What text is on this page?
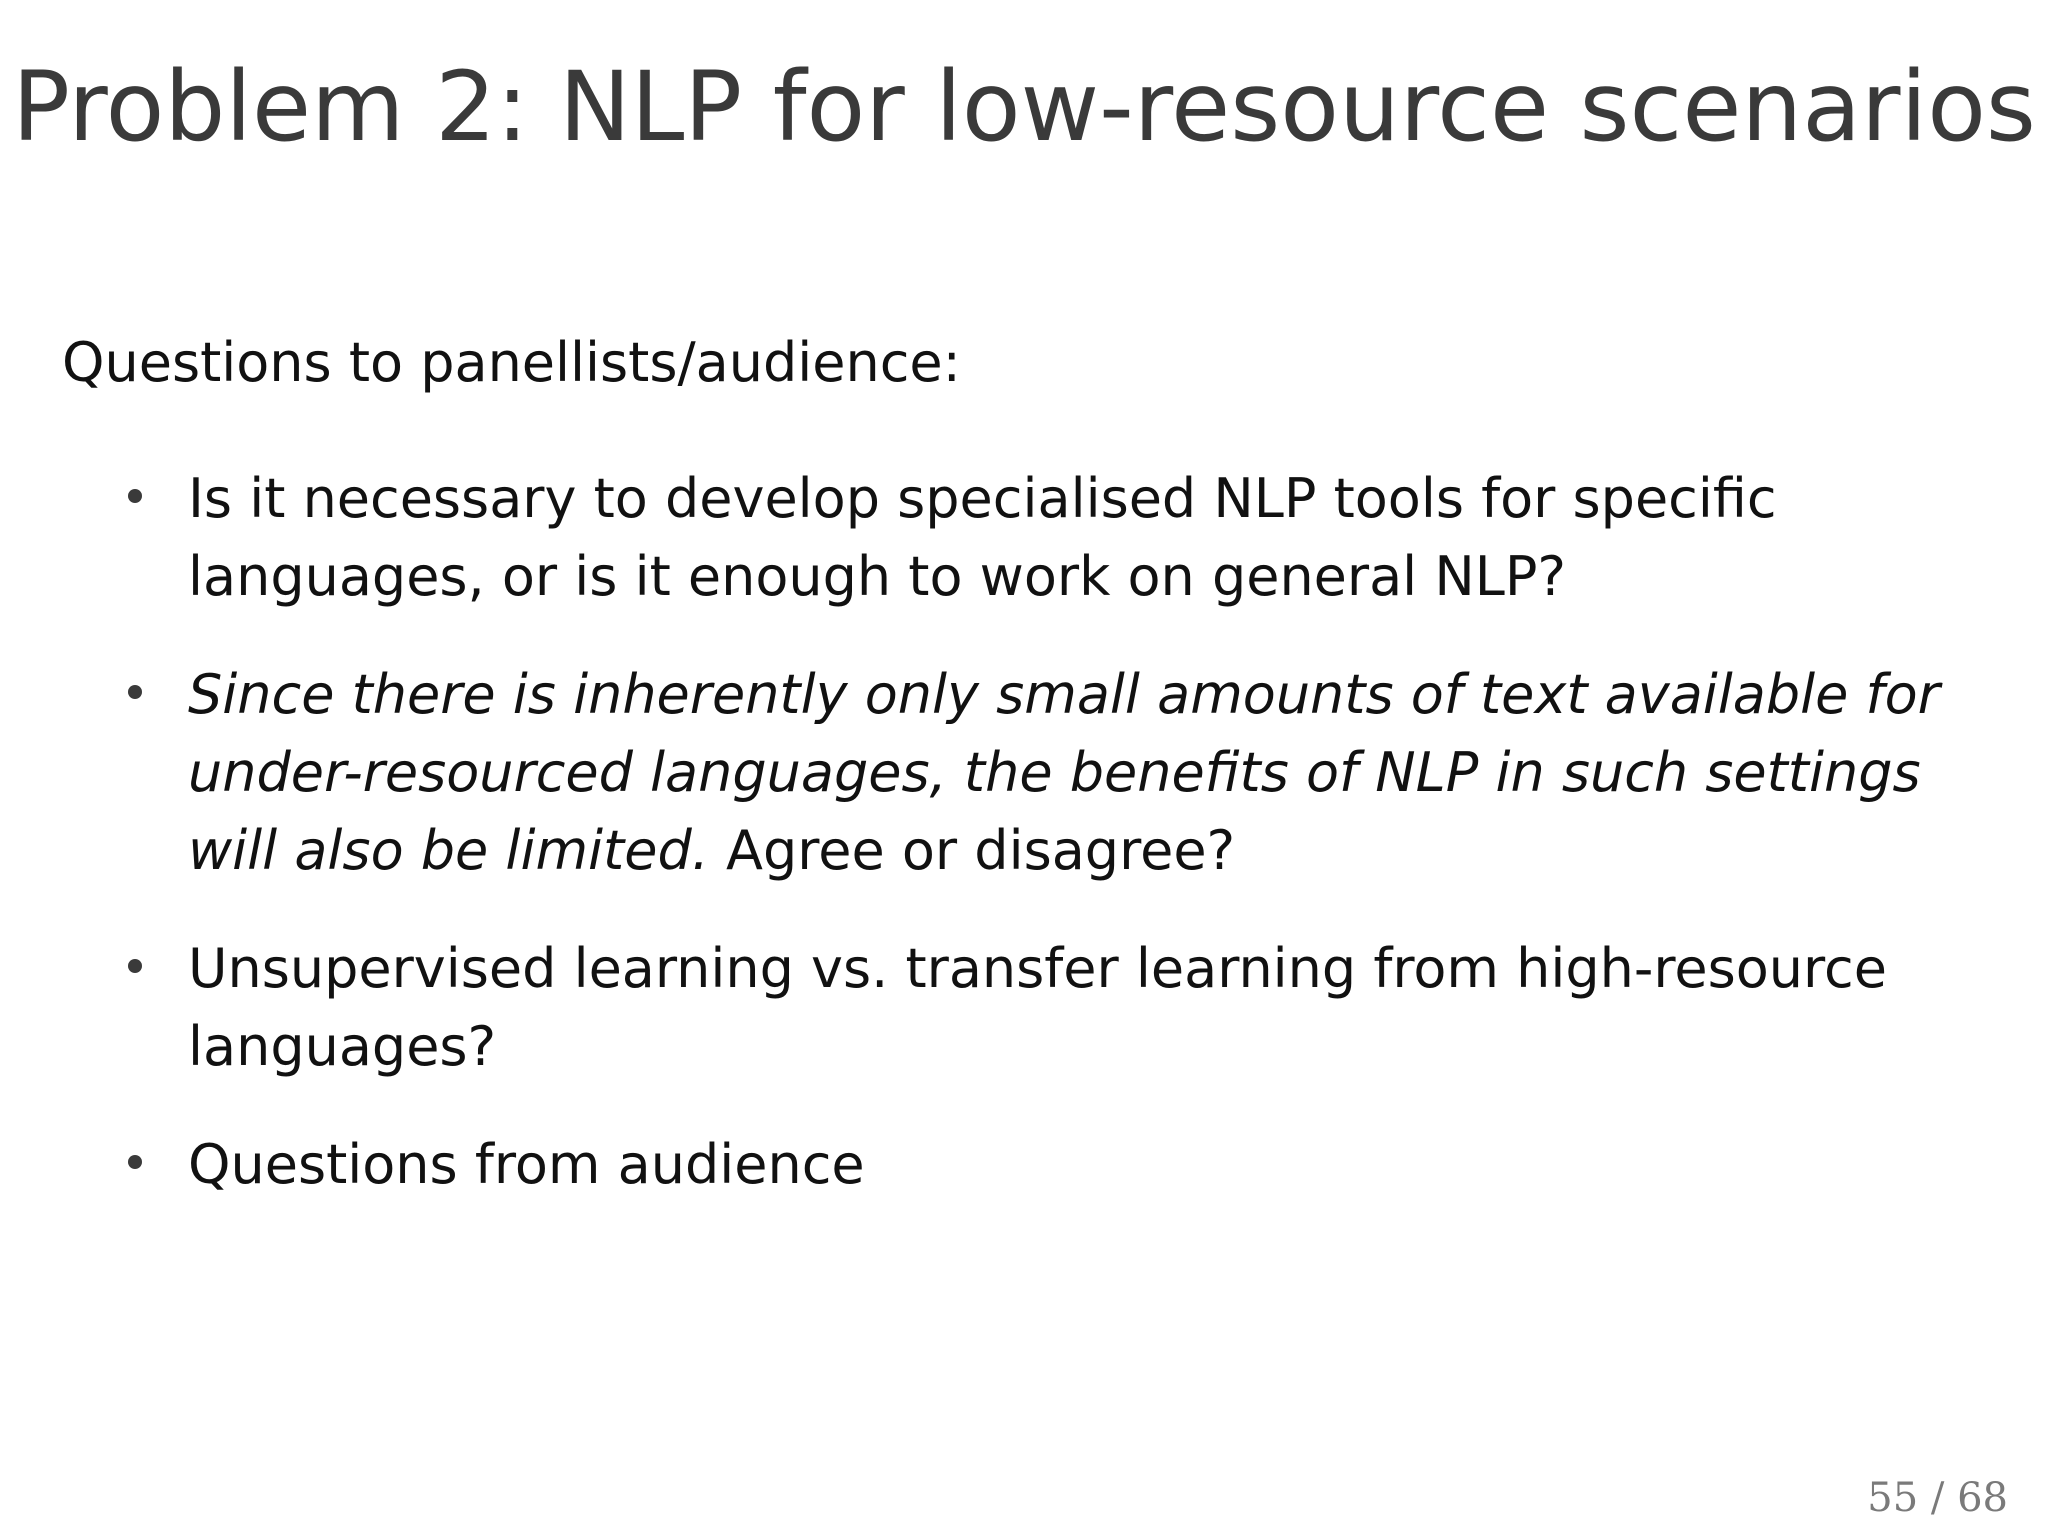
Problem 2: NLP for low-resource scenarios

Questions to panellists/audience:

Is it necessary to develop specialised NLP tools for specific languages, or is it enough to work on general NLP?
Since there is inherently only small amounts of text available for under-resourced languages, the benefits of NLP in such settings will also be limited. Agree or disagree?
Unsupervised learning vs. transfer learning from high-resource languages?
Questions from audience
55 / 68
